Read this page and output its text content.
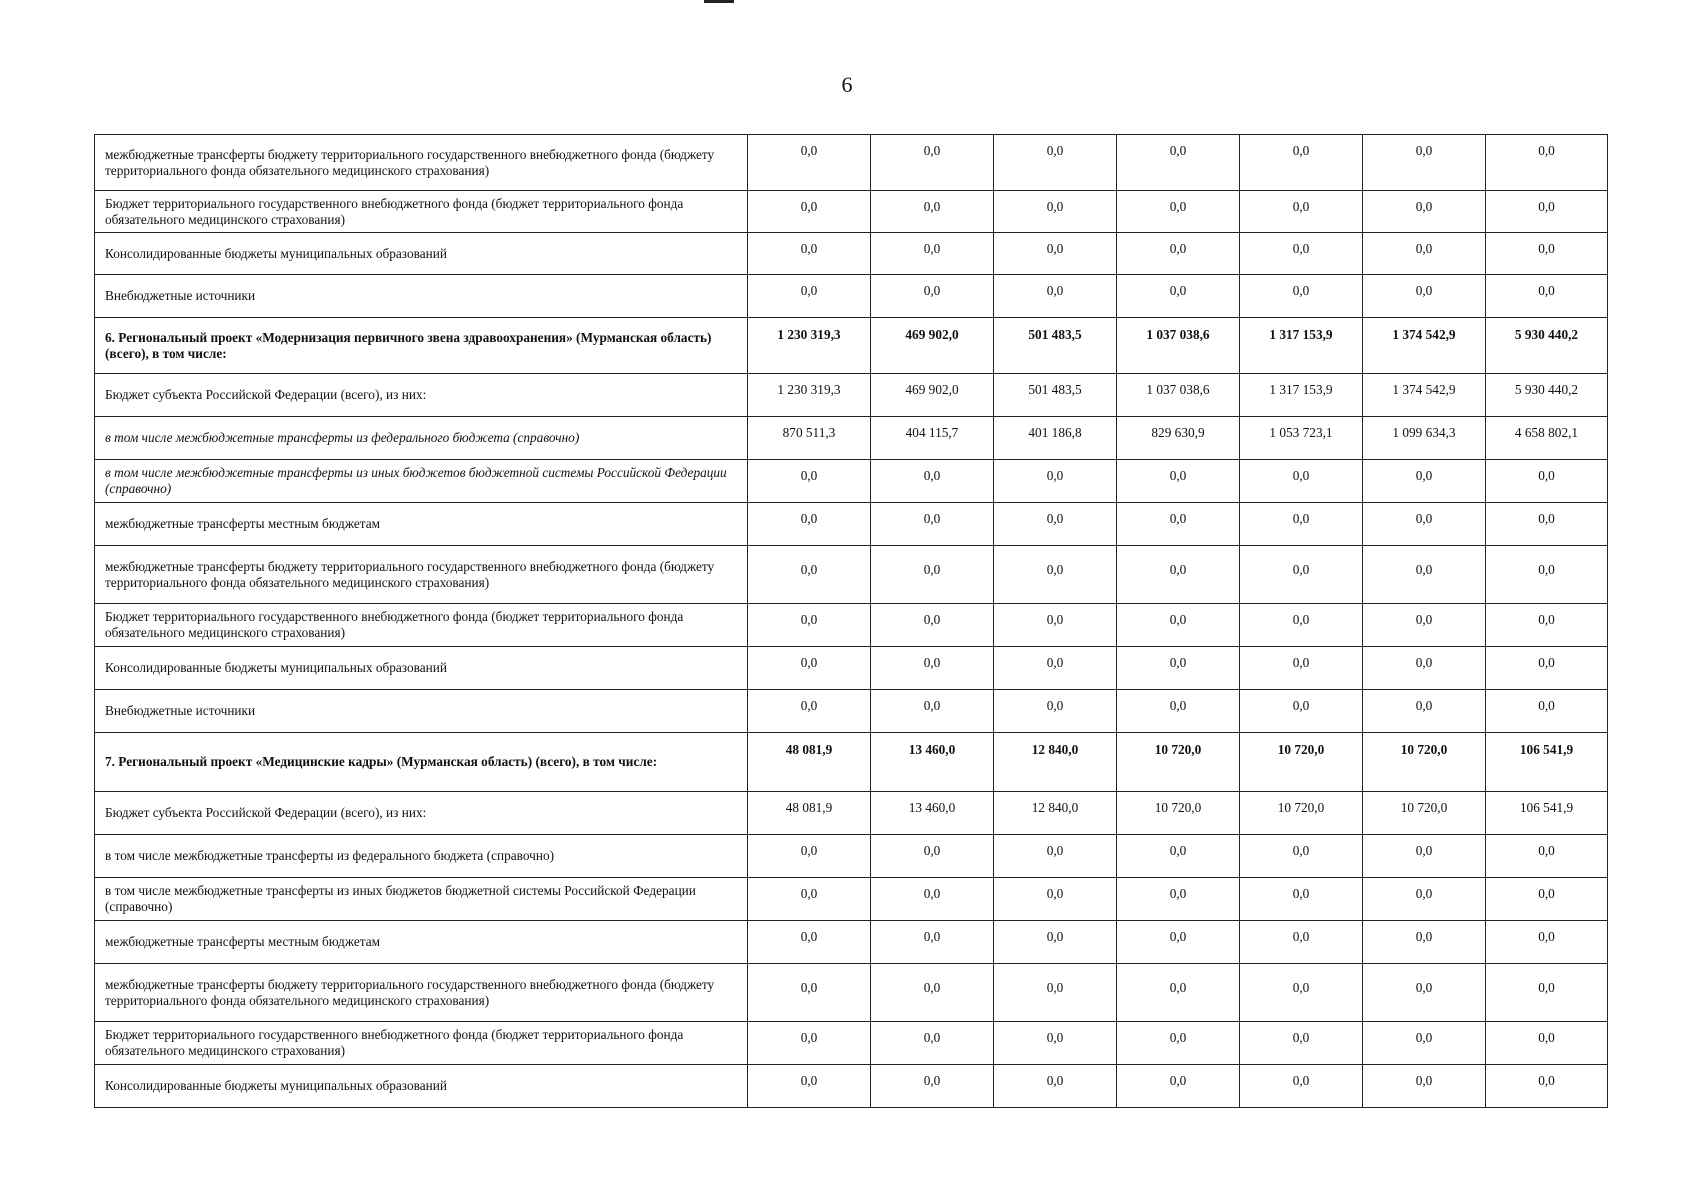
6
межбюджетные трансферты бюджету территориального государственного внебюджетного фонда (бюджету территориального фонда обязательного медицинского страхования)	0,0	0,0	0,0	0,0	0,0	0,0	0,0
Бюджет территориального государственного внебюджетного фонда (бюджет территориального фонда обязательного медицинского страхования)	0,0	0,0	0,0	0,0	0,0	0,0	0,0
Консолидированные бюджеты муниципальных образований	0,0	0,0	0,0	0,0	0,0	0,0	0,0
Внебюджетные источники	0,0	0,0	0,0	0,0	0,0	0,0	0,0
6. Региональный проект «Модернизация первичного звена здравоохранения» (Мурманская область) (всего), в том числе:	1 230 319,3	469 902,0	501 483,5	1 037 038,6	1 317 153,9	1 374 542,9	5 930 440,2
Бюджет субъекта Российской Федерации (всего), из них:	1 230 319,3	469 902,0	501 483,5	1 037 038,6	1 317 153,9	1 374 542,9	5 930 440,2
в том числе межбюджетные трансферты из федерального бюджета (справочно)	870 511,3	404 115,7	401 186,8	829 630,9	1 053 723,1	1 099 634,3	4 658 802,1
в том числе межбюджетные трансферты из иных бюджетов бюджетной системы Российской Федерации (справочно)	0,0	0,0	0,0	0,0	0,0	0,0	0,0
межбюджетные трансферты местным бюджетам	0,0	0,0	0,0	0,0	0,0	0,0	0,0
межбюджетные трансферты бюджету территориального государственного внебюджетного фонда (бюджету территориального фонда обязательного медицинского страхования)	0,0	0,0	0,0	0,0	0,0	0,0	0,0
Бюджет территориального государственного внебюджетного фонда (бюджет территориального фонда обязательного медицинского страхования)	0,0	0,0	0,0	0,0	0,0	0,0	0,0
Консолидированные бюджеты муниципальных образований	0,0	0,0	0,0	0,0	0,0	0,0	0,0
Внебюджетные источники	0,0	0,0	0,0	0,0	0,0	0,0	0,0
7. Региональный проект «Медицинские кадры» (Мурманская область) (всего), в том числе:	48 081,9	13 460,0	12 840,0	10 720,0	10 720,0	10 720,0	106 541,9
Бюджет субъекта Российской Федерации (всего), из них:	48 081,9	13 460,0	12 840,0	10 720,0	10 720,0	10 720,0	106 541,9
в том числе межбюджетные трансферты из федерального бюджета (справочно)	0,0	0,0	0,0	0,0	0,0	0,0	0,0
в том числе межбюджетные трансферты из иных бюджетов бюджетной системы Российской Федерации (справочно)	0,0	0,0	0,0	0,0	0,0	0,0	0,0
межбюджетные трансферты местным бюджетам	0,0	0,0	0,0	0,0	0,0	0,0	0,0
межбюджетные трансферты бюджету территориального государственного внебюджетного фонда (бюджету территориального фонда обязательного медицинского страхования)	0,0	0,0	0,0	0,0	0,0	0,0	0,0
Бюджет территориального государственного внебюджетного фонда (бюджет территориального фонда обязательного медицинского страхования)	0,0	0,0	0,0	0,0	0,0	0,0	0,0
Консолидированные бюджеты муниципальных образований	0,0	0,0	0,0	0,0	0,0	0,0	0,0
